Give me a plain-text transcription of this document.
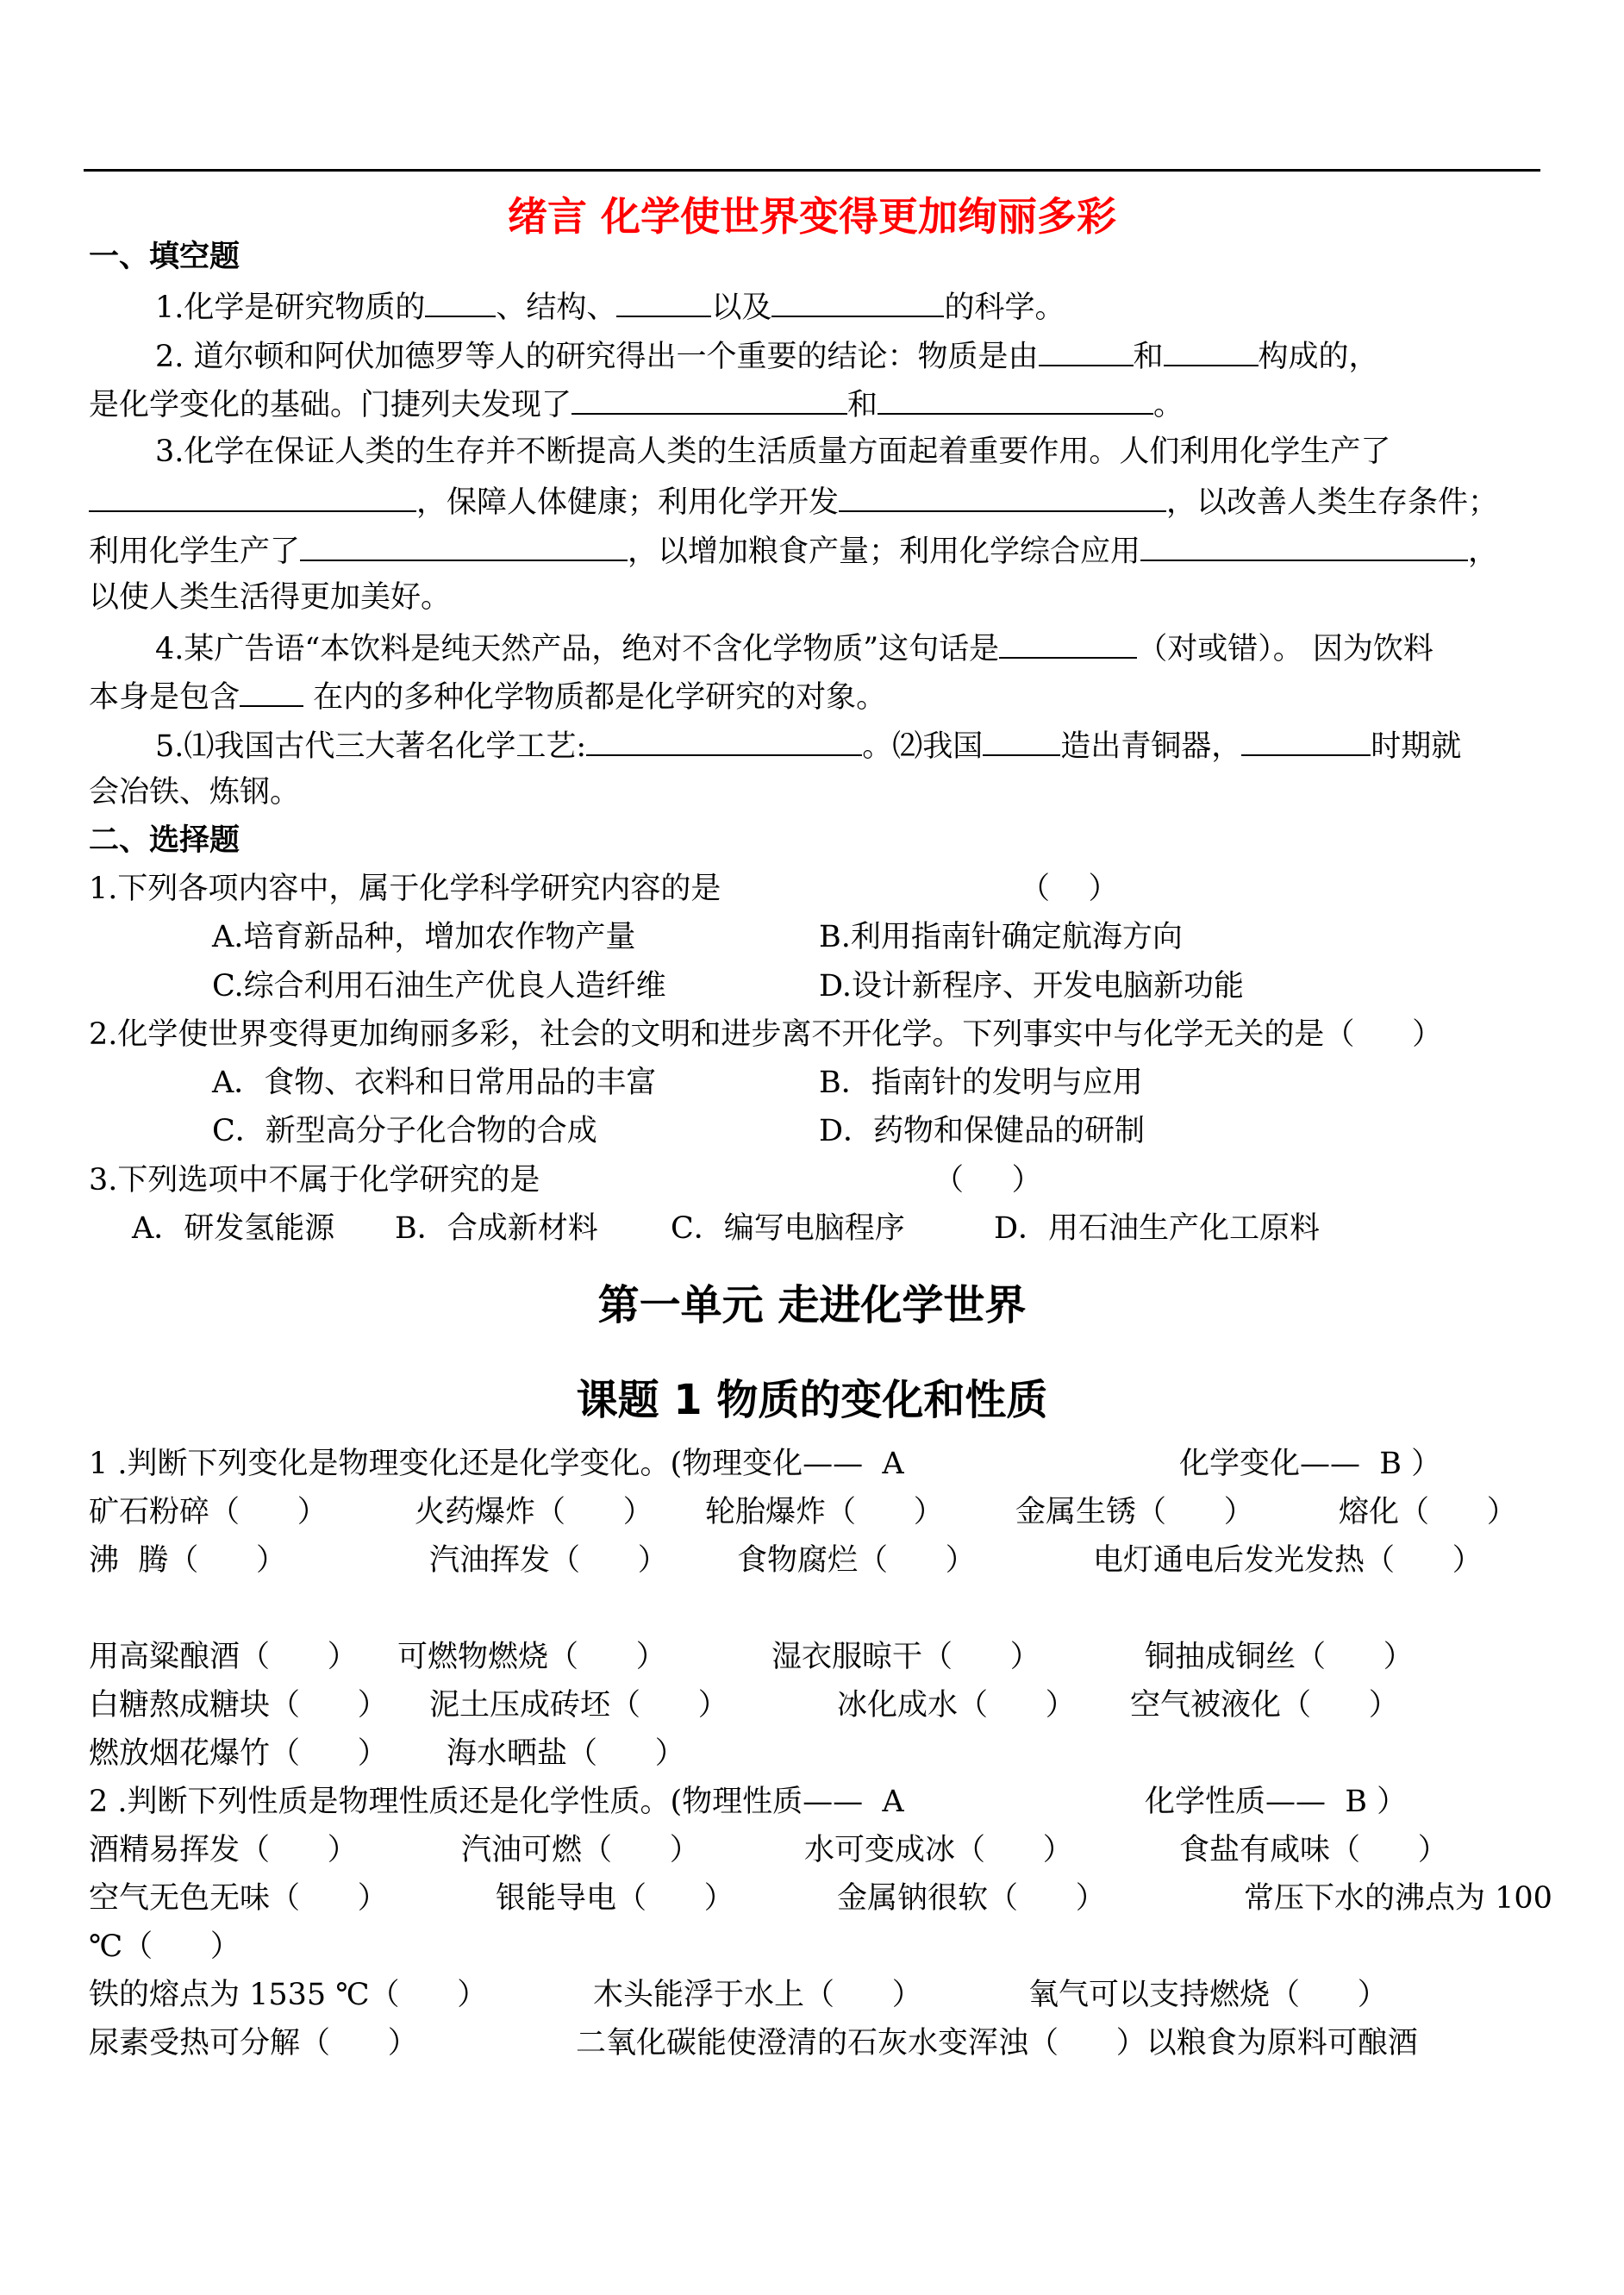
绪言 化学使世界变得更加绚丽多彩
一、填空题
1.化学是研究物质的 、结构、	以及	的科学。
2. 道尔顿和阿伏加德罗等人的研究得出一个重要的结论：物质是由	和	构成的，
是化学变化的基础。门捷列夫发现了	和	。
3.化学在保证人类的生存并不断提高人类的生活质量方面起着重要作用。人们利用化学生产了
，保障人体健康；利用化学开发	，以改善人类生存条件；
利用化学生产了	，以增加粮食产量；利用化学综合应用	，
以使人类生活得更加美好。
4.某广告语“本饮料是纯天然产品，绝对不含化学物质”这句话是	（对或错）。 因为饮料
本身是包含 在内的多种化学物质都是化学研究的对象。
5.⑴我国古代三大著名化学工艺:	。⑵我国	造出青铜器，	时期就
会冶铁、炼钢。
二、选择题
1.下列各项内容中，属于化学科学研究内容的是	（    ）
A.培育新品种，增加农作物产量	B.利用指南针确定航海方向
C.综合利用石油生产优良人造纤维	D.设计新程序、开发电脑新功能
2.化学使世界变得更加绚丽多彩，社会的文明和进步离不开化学。下列事实中与化学无关的是（      ）
A．食物、衣料和日常用品的丰富	B．指南针的发明与应用
C．新型高分子化合物的合成	D．药物和保健品的研制
3.下列选项中不属于化学研究的是	（     ）
A．研发氢能源 B．合成新材料 C．编写电脑程序	D．用石油生产化工原料
第一单元 走进化学世界
课题 1 物质的变化和性质
1 .判断下列变化是物理变化还是化学变化。(物理变化——  A	化学变化——  B ）
矿石粉碎（      ）	火药爆炸（      ） 轮胎爆炸（      ） 金属生锈（      ）	熔化（      ）
沸  腾（      ）	汽油挥发（      ） 食物腐烂（      ）	电灯通电后发光发热（      ）
用高粱酿酒（      ） 可燃物燃烧（      ）	湿衣服晾干（      ）	铜抽成铜丝（      ）
白糖熬成糖块（      ） 泥土压成砖坯（      ）	冰化成水（      ） 空气被液化（      ）
燃放烟花爆竹（      ） 海水晒盐（      ）
2 .判断下列性质是物理性质还是化学性质。(物理性质——  A	化学性质——  B ）
酒精易挥发（      ）	汽油可燃（      ）	水可变成冰（      ）	食盐有咸味（      ）
空气无色无味（      ）	银能导电（      ）	金属钠很软（      ）	常压下水的沸点为 100
℃（      ）
铁的熔点为 1535 ℃（      ）	木头能浮于水上（      ）	氧气可以支持燃烧（      ）
尿素受热可分解（      ）	二氧化碳能使澄清的石灰水变浑浊（      ）以粮食为原料可酿酒
